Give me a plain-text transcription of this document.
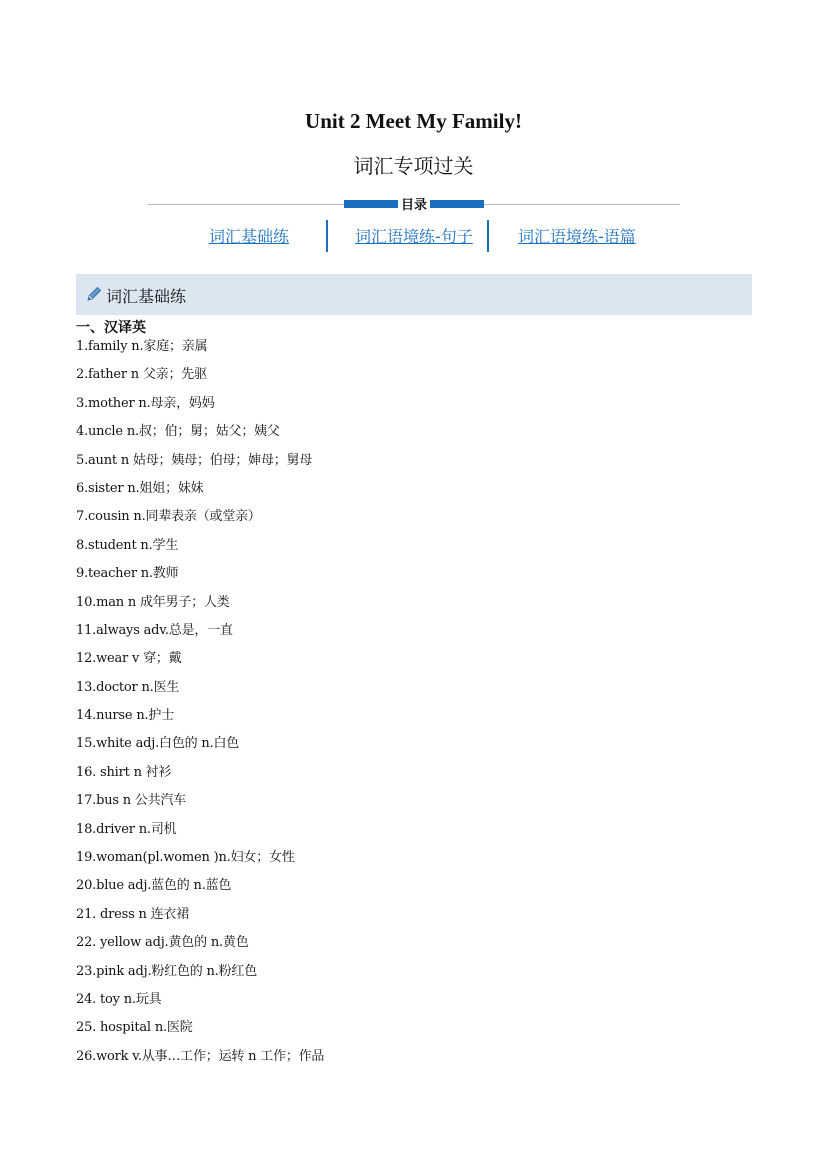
Unit 2 Meet My Family!
词汇专项过关
目录
词汇基础练	词汇语境练-句子	词汇语境练-语篇
词汇基础练
一、汉译英
1.family n.家庭；亲属
2.father n 父亲；先驱
3.mother n.母亲，妈妈
4.uncle n.叔；伯；舅；姑父；姨父
5.aunt n 姑母；姨母；伯母；婶母；舅母
6.sister n.姐姐；妹妹
7.cousin n.同辈表亲（或堂亲）
8.student n.学生
9.teacher n.教师
10.man n 成年男子；人类
11.always adv.总是，一直
12.wear v 穿；戴
13.doctor n.医生
14.nurse n.护士
15.white adj.白色的 n.白色
16. shirt n 衬衫
17.bus n 公共汽车
18.driver n.司机
19.woman(pl.women )n.妇女；女性
20.blue adj.蓝色的 n.蓝色
21. dress n 连衣裙
22. yellow adj.黄色的 n.黄色
23.pink adj.粉红色的 n.粉红色
24. toy n.玩具
25. hospital n.医院
26.work v.从事…工作；运转 n 工作；作品
